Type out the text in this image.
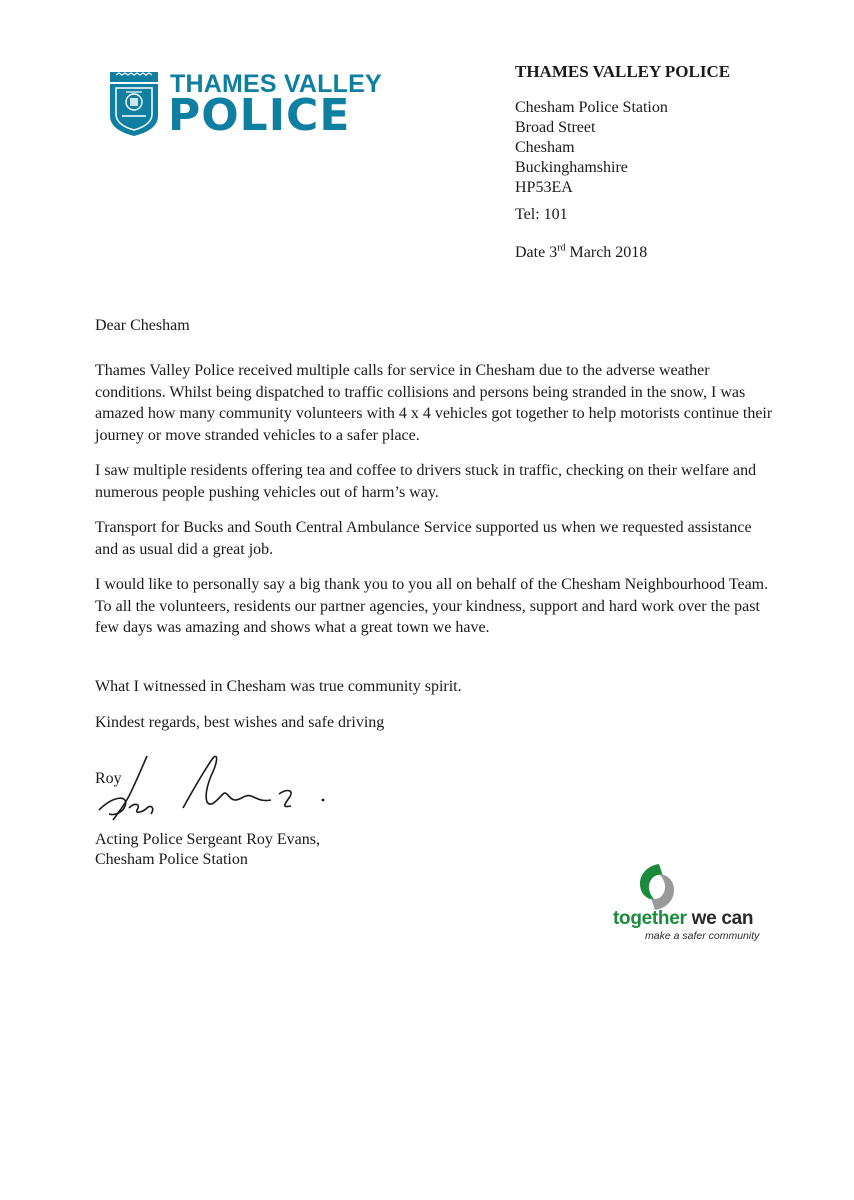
THAMES VALLEY
POLICE
THAMES VALLEY POLICE
Chesham Police Station
Broad Street
Chesham
Buckinghamshire
HP53EA
Tel: 101
Date 3rd March 2018
Dear Chesham

Thames Valley Police received multiple calls for service in Chesham due to the adverse weather conditions. Whilst being dispatched to traffic collisions and persons being stranded in the snow, I was amazed how many community volunteers with 4 x 4 vehicles got together to help motorists continue their journey or move stranded vehicles to a safer place.

I saw multiple residents offering tea and coffee to drivers stuck in traffic, checking on their welfare and numerous people pushing vehicles out of harm’s way.

Transport for Bucks and South Central Ambulance Service supported us when we requested assistance and as usual did a great job.

I would like to personally say a big thank you to you all on behalf of the Chesham Neighbourhood Team. To all the volunteers, residents our partner agencies, your kindness, support and hard work over the past few days was amazing and shows what a great town we have.

What I witnessed in Chesham was true community spirit.

Kindest regards, best wishes and safe driving

Roy
Acting Police Sergeant Roy Evans,
Chesham Police Station
together we can
make a safer community
